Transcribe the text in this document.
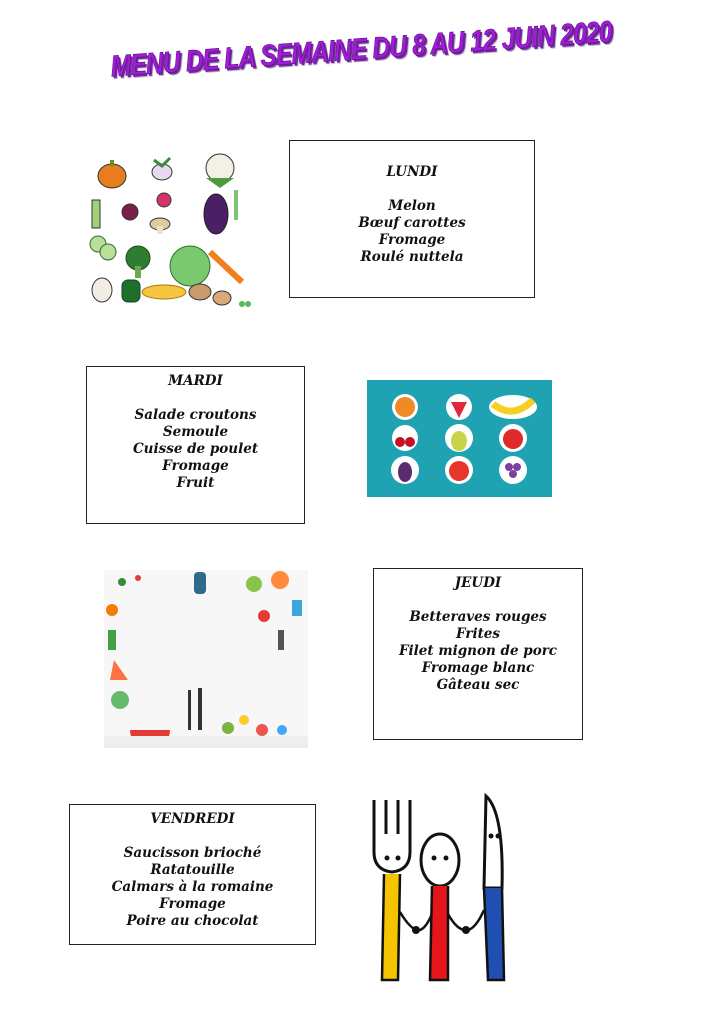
MENU DE LA SEMAINE DU 8 AU 12 JUIN 2020
LUNDI
Melon
Bœuf carottes
Fromage
Roulé nuttela
MARDI
Salade croutons
Semoule
Cuisse de poulet
Fromage
Fruit
JEUDI
Betteraves rouges
Frites
Filet mignon de porc
Fromage blanc
Gâteau sec
VENDREDI
Saucisson brioché
Ratatouille
Calmars à la romaine
Fromage
Poire au chocolat
